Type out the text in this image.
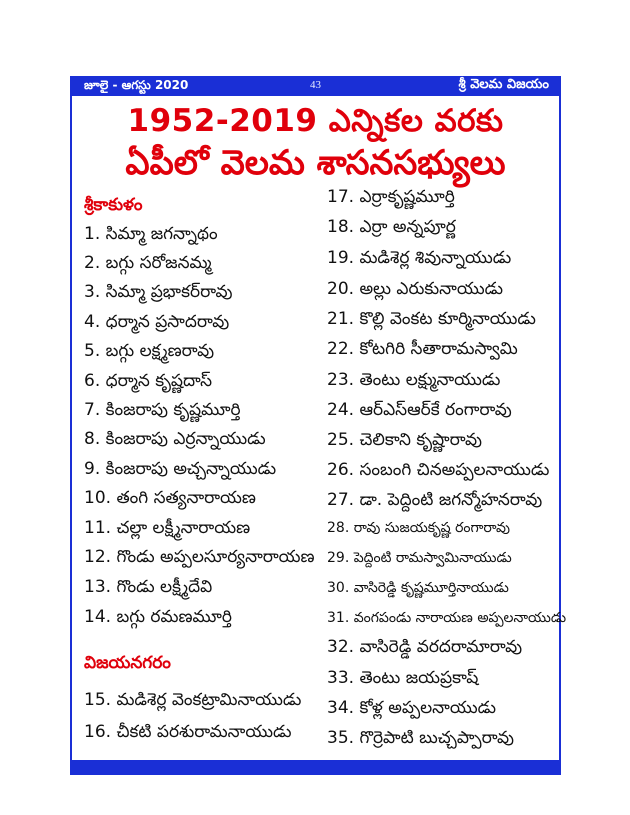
జూలై - ఆగస్టు 2020	43	శ్రీ వెలమ విజయం
1952-2019 ఎన్నికల వరకు
ఏపీలో వెలమ శాసనసభ్యులు
శ్రీకాకుళం
1. సిమ్మా జగన్నాథం
2. బగ్గు సరోజనమ్మ
3. సిమ్మా ప్రభాకర్‌రావు
4. ధర్మాన ప్రసాదరావు
5. బగ్గు లక్ష్మణరావు
6. ధర్మాన కృష్ణదాస్
7. కింజరాపు కృష్ణమూర్తి
8. కింజరాపు ఎర్రన్నాయుడు
9. కింజరాపు అచ్చన్నాయుడు
10. తంగి సత్యనారాయణ
11. చల్లా లక్ష్మీనారాయణ
12. గొండు అప్పలసూర్యనారాయణ
13. గొండు లక్ష్మీదేవి
14. బగ్గు రమణమూర్తి
విజయనగరం
15. మడిశెర్ల వెంకట్రామినాయుడు
16. చీకటి పరశురామనాయుడు
17. ఎర్రాకృష్ణమూర్తి
18. ఎర్రా అన్నపూర్ణ
19. మడిశెర్ల శివున్నాయుడు
20. అల్లు ఎరుకునాయుడు
21. కొల్లి వెంకట కూర్మినాయుడు
22. కోటగిరి సీతారామస్వామి
23. తెంటు లక్ష్మునాయుడు
24. ఆర్‌ఎస్‌ఆర్‌కే రంగారావు
25. చెలికాని కృష్ణారావు
26. సంబంగి చినఅప్పలనాయుడు
27. డా. పెద్దింటి జగన్మోహనరావు
28. రావు సుజయకృష్ణ రంగారావు
29. పెద్దింటి రామస్వామినాయుడు
30. వాసిరెడ్డి కృష్ణమూర్తినాయుడు
31. వంగపండు నారాయణ అప్పలనాయుడు
32. వాసిరెడ్డి వరదరామారావు
33. తెంటు జయప్రకాష్
34. కోళ్ల అప్పలనాయుడు
35. గొర్రెపాటి బుచ్చప్పారావు
